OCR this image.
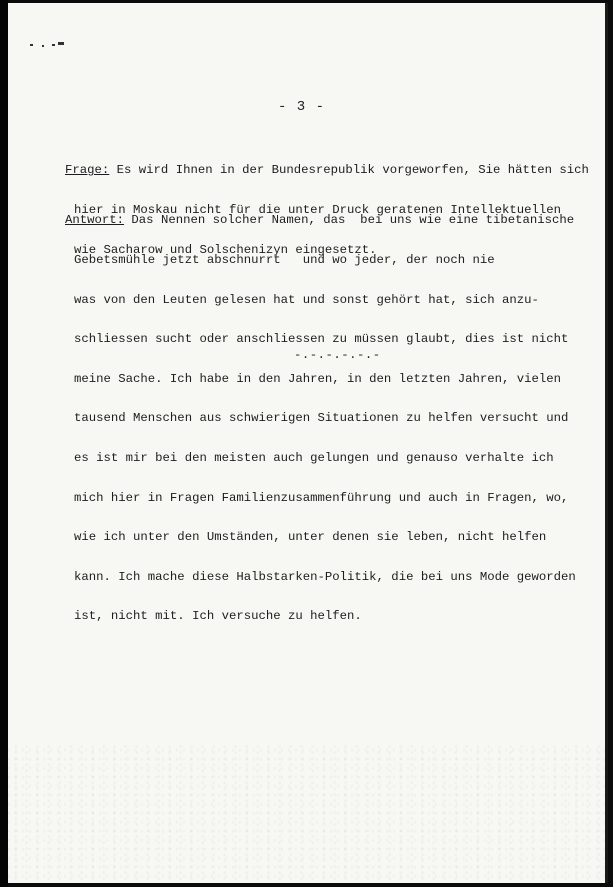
- 3 -

Frage: Es wird Ihnen in der Bundesrepublik vorgeworfen, Sie hätten sich

hier in Moskau nicht für die unter Druck geratenen Intellektuellen

wie Sacharow und Solschenizyn eingesetzt.

Antwort: Das Nennen solcher Namen, das  bei uns wie eine tibetanische

Gebetsmühle jetzt abschnurrt   und wo jeder, der noch nie

was von den Leuten gelesen hat und sonst gehört hat, sich anzu-

schliessen sucht oder anschliessen zu müssen glaubt, dies ist nicht

meine Sache. Ich habe in den Jahren, in den letzten Jahren, vielen

tausend Menschen aus schwierigen Situationen zu helfen versucht und

es ist mir bei den meisten auch gelungen und genauso verhalte ich

mich hier in Fragen Familienzusammenführung und auch in Fragen, wo,

wie ich unter den Umständen, unter denen sie leben, nicht helfen

kann. Ich mache diese Halbstarken-Politik, die bei uns Mode geworden

ist, nicht mit. Ich versuche zu helfen.

-.-.-.-.-.-
